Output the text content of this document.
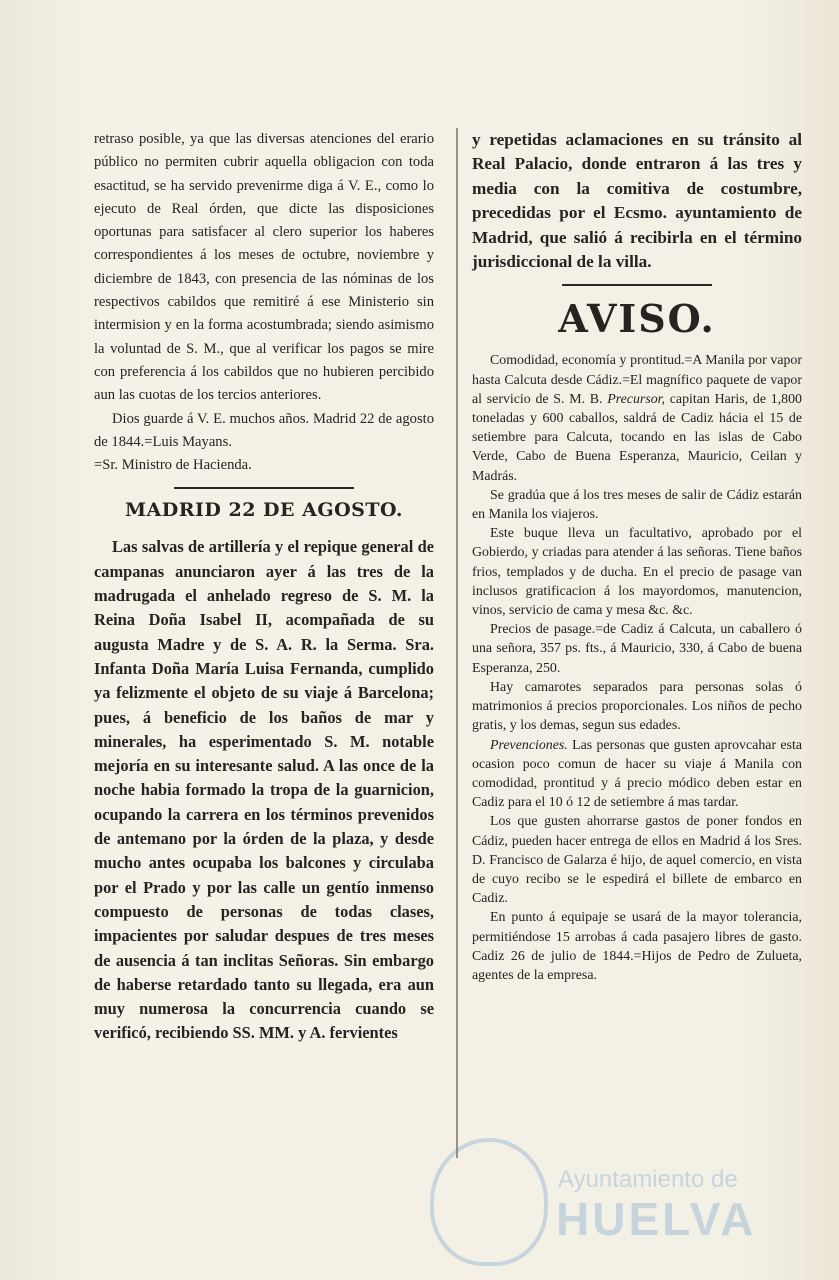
retraso posible, ya que las diversas atenciones del erario público no permiten cubrir aquella obligacion con toda esactitud, se ha servido prevenirme diga á V. E., como lo ejecuto de Real órden, que dicte las disposiciones oportunas para satisfacer al clero superior los haberes correspondientes á los meses de octubre, noviembre y diciembre de 1843, con presencia de las nóminas de los respectivos cabildos que remitiré á ese Ministerio sin intermision y en la forma acostumbrada; siendo asimismo la voluntad de S. M., que al verificar los pagos se mire con preferencia á los cabildos que no hubieren percibido aun las cuotas de los tercios anteriores.

Dios guarde á V. E. muchos años. Madrid 22 de agosto de 1844.=Luis Mayans.

=Sr. Ministro de Hacienda.

MADRID 22 DE AGOSTO.

Las salvas de artillería y el repique general de campanas anunciaron ayer á las tres de la madrugada el anhelado regreso de S. M. la Reina Doña Isabel II, acompañada de su augusta Madre y de S. A. R. la Serma. Sra. Infanta Doña María Luisa Fernanda, cumplido ya felizmente el objeto de su viaje á Barcelona; pues, á beneficio de los baños de mar y minerales, ha esperimentado S. M. notable mejoría en su interesante salud. A las once de la noche habia formado la tropa de la guarnicion, ocupando la carrera en los términos prevenidos de antemano por la órden de la plaza, y desde mucho antes ocupaba los balcones y circulaba por el Prado y por las calle un gentío inmenso compuesto de personas de todas clases, impacientes por saludar despues de tres meses de ausencia á tan inclitas Señoras. Sin embargo de haberse retardado tanto su llegada, era aun muy numerosa la concurrencia cuando se verificó, recibiendo SS. MM. y A. fervientes

y repetidas aclamaciones en su tránsito al Real Palacio, donde entraron á las tres y media con la comitiva de costumbre, precedidas por el Ecsmo. ayuntamiento de Madrid, que salió á recibirla en el término jurisdiccional de la villa.

AVISO.

Comodidad, economía y prontitud.=A Manila por vapor hasta Calcuta desde Cádiz.=El magnífico paquete de vapor al servicio de S. M. B. Precursor, capitan Haris, de 1,800 toneladas y 600 caballos, saldrá de Cadiz hácia el 15 de setiembre para Calcuta, tocando en las islas de Cabo Verde, Cabo de Buena Esperanza, Mauricio, Ceilan y Madrás.

Se gradúa que á los tres meses de salir de Cádiz estarán en Manila los viajeros.

Este buque lleva un facultativo, aprobado por el Gobierdo, y criadas para atender á las señoras. Tiene baños frios, templados y de ducha. En el precio de pasage van inclusos gratificacion á los mayordomos, manutencion, vinos, servicio de cama y mesa &c. &c.

Precios de pasage.=de Cadiz á Calcuta, un caballero ó una señora, 357 ps. fts., á Mauricio, 330, á Cabo de buena Esperanza, 250.

Hay camarotes separados para personas solas ó matrimonios á precios proporcionales. Los niños de pecho gratis, y los demas, segun sus edades.

Prevenciones. Las personas que gusten aprovcahar esta ocasion poco comun de hacer su viaje á Manila con comodidad, prontitud y á precio módico deben estar en Cadiz para el 10 ó 12 de setiembre á mas tardar.

Los que gusten ahorrarse gastos de poner fondos en Cádiz, pueden hacer entrega de ellos en Madrid á los Sres. D. Francisco de Galarza é hijo, de aquel comercio, en vista de cuyo recibo se le espedirá el billete de embarco en Cadiz.

En punto á equipaje se usará de la mayor tolerancia, permitiéndose 15 arrobas á cada pasajero libres de gasto. Cadiz 26 de julio de 1844.=Hijos de Pedro de Zulueta, agentes de la empresa.

Ayuntamiento de
HUELVA
